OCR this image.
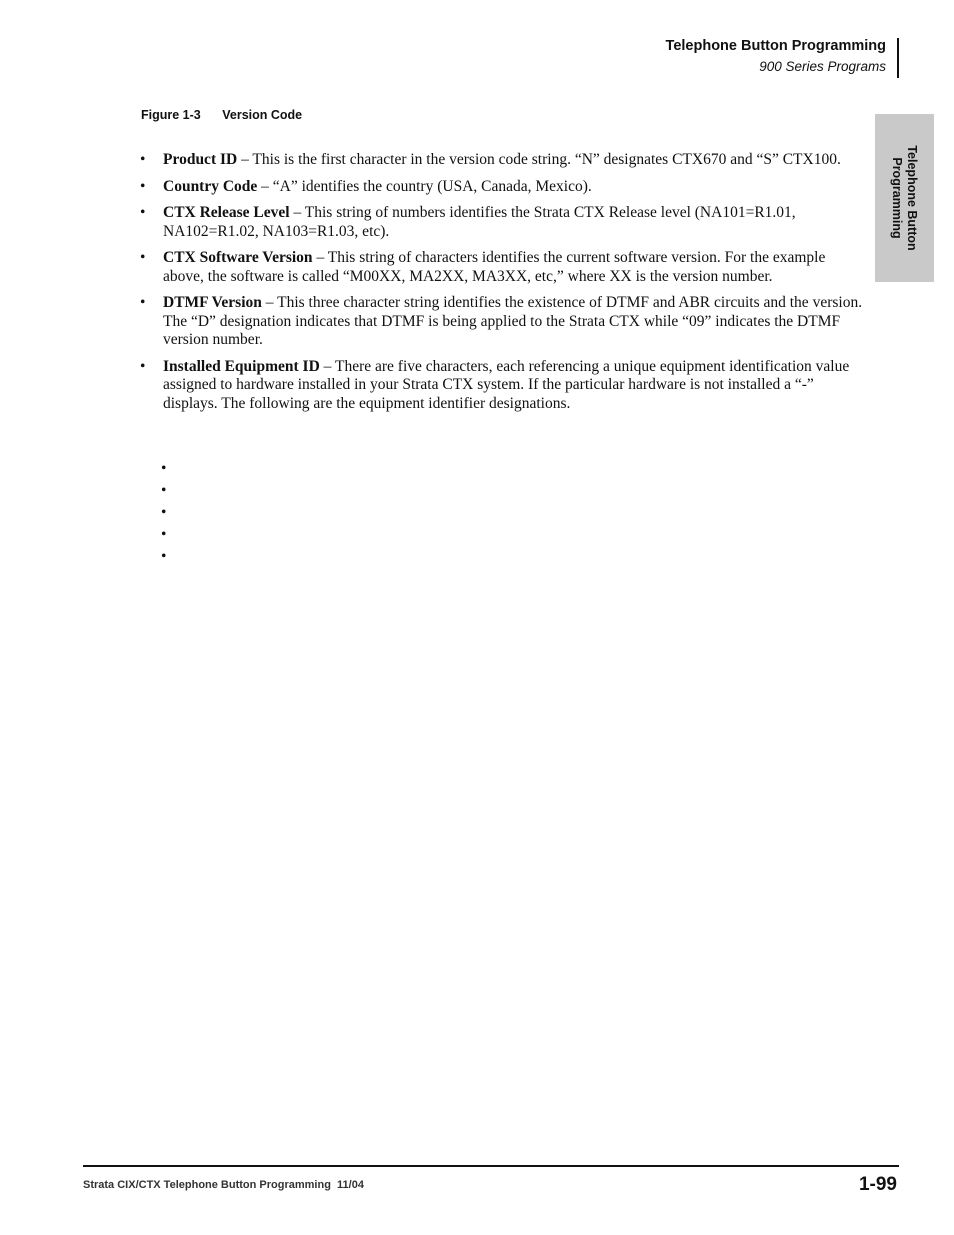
Telephone Button Programming
900 Series Programs
Telephone Button
Programming
Figure 1-3 Version Code
• Product ID – This is the first character in the version code string. “N” designates CTX670 and “S” CTX100.
• Country Code – “A” identifies the country (USA, Canada, Mexico).
• CTX Release Level – This string of numbers identifies the Strata CTX Release level (NA101=R1.01, NA102=R1.02, NA103=R1.03, etc).
• CTX Software Version – This string of characters identifies the current software version. For the example above, the software is called “M00XX, MA2XX, MA3XX, etc,” where XX is the version number.
• DTMF Version – This three character string identifies the existence of DTMF and ABR circuits and the version. The “D” designation indicates that DTMF is being applied to the Strata CTX while “09” indicates the DTMF version number.
• Installed Equipment ID – There are five characters, each referencing a unique equipment identification value assigned to hardware installed in your Strata CTX system. If the particular hardware is not installed a “-” displays. The following are the equipment identifier designations.
•
•
•
•
•
Strata CIX/CTX Telephone Button Programming  11/04	1-99
